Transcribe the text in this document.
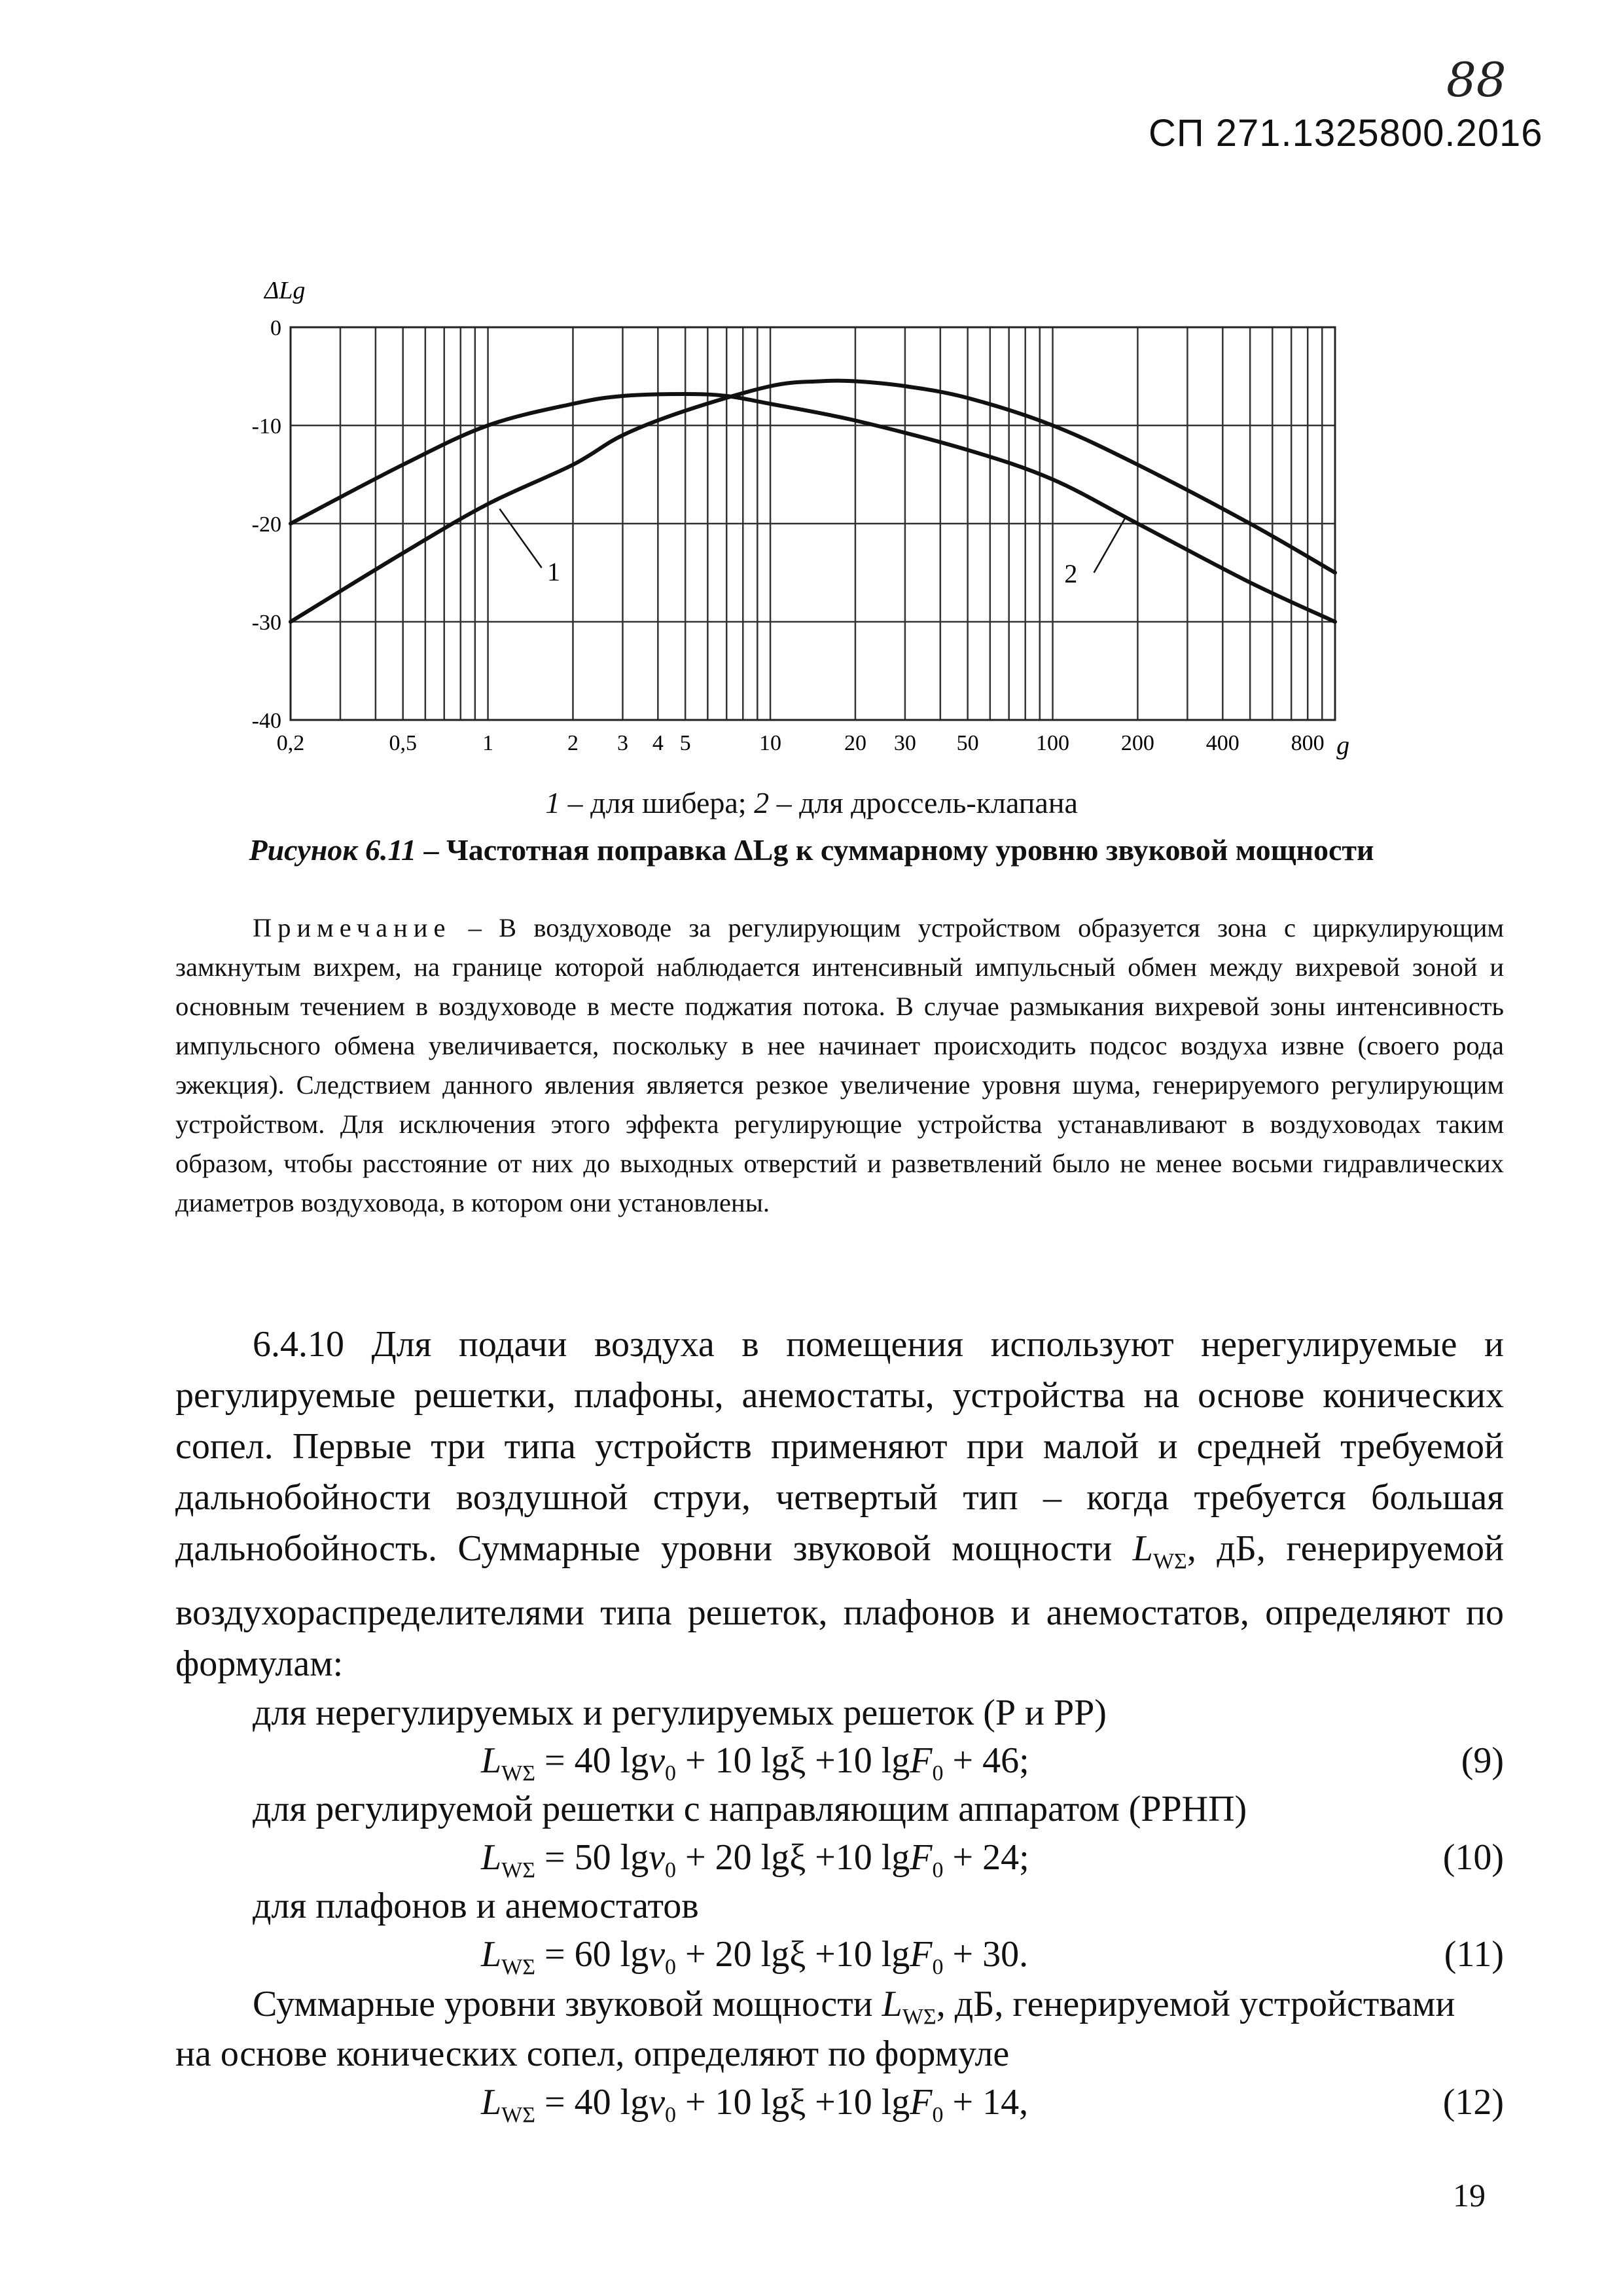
88
СП 271.1325800.2016
0
-10
-20
-30
-40
0,2	0,5	1	2 3 4 5	10	20 30 50	100 200 400 800
ΔLg
g
1	2
1 – для шибера; 2 – для дроссель-клапана
Рисунок 6.11 – Частотная поправка ΔLg к суммарному уровню звуковой мощности

Примечание – В воздуховоде за регулирующим устройством образуется зона с циркулирующим замкнутым вихрем, на границе которой наблюдается интенсивный импульсный обмен между вихревой зоной и основным течением в воздуховоде в месте поджатия потока. В случае размыкания вихревой зоны интенсивность импульсного обмена увеличивается, поскольку в нее начинает происходить подсос воздуха извне (своего рода эжекция). Следствием данного явления является резкое увеличение уровня шума, генерируемого регулирующим устройством. Для исключения этого эффекта регулирующие устройства устанавливают в воздуховодах таким образом, чтобы расстояние от них до выходных отверстий и разветвлений было не менее восьми гидравлических диаметров воздуховода, в котором они установлены.

6.4.10 Для подачи воздуха в помещения используют нерегулируемые и регулируемые решетки, плафоны, анемостаты, устройства на основе конических сопел. Первые три типа устройств применяют при малой и средней требуемой дальнобойности воздушной струи, четвертый тип – когда требуется большая дальнобойность. Суммарные уровни звуковой мощности $L_{W\Sigma}$, дБ, генерируемой воздухораспределителями типа решеток, плафонов и анемостатов, определяют по формулам:

для нерегулируемых и регулируемых решеток (Р и РР)
$L_{W\Sigma} = 40$ lgv$_0$ + 10 lgξ +10 lgF$_0$ + 46;	(9)
для регулируемой решетки с направляющим аппаратом (РРНП)
$L_{W\Sigma} = 50$ lgv$_0$ + 20 lgξ +10 lgF$_0$ + 24;	(10)
для плафонов и анемостатов
$L_{W\Sigma} = 60$ lgv$_0$ + 20 lgξ +10 lgF$_0$ + 30.	(11)
Суммарные уровни звуковой мощности $L_{W\Sigma}$, дБ, генерируемой устройствами
на основе конических сопел, определяют по формуле
$L_{W\Sigma} = 40$ lgv$_0$ + 10 lgξ +10 lgF$_0$ + 14,	(12)
19
